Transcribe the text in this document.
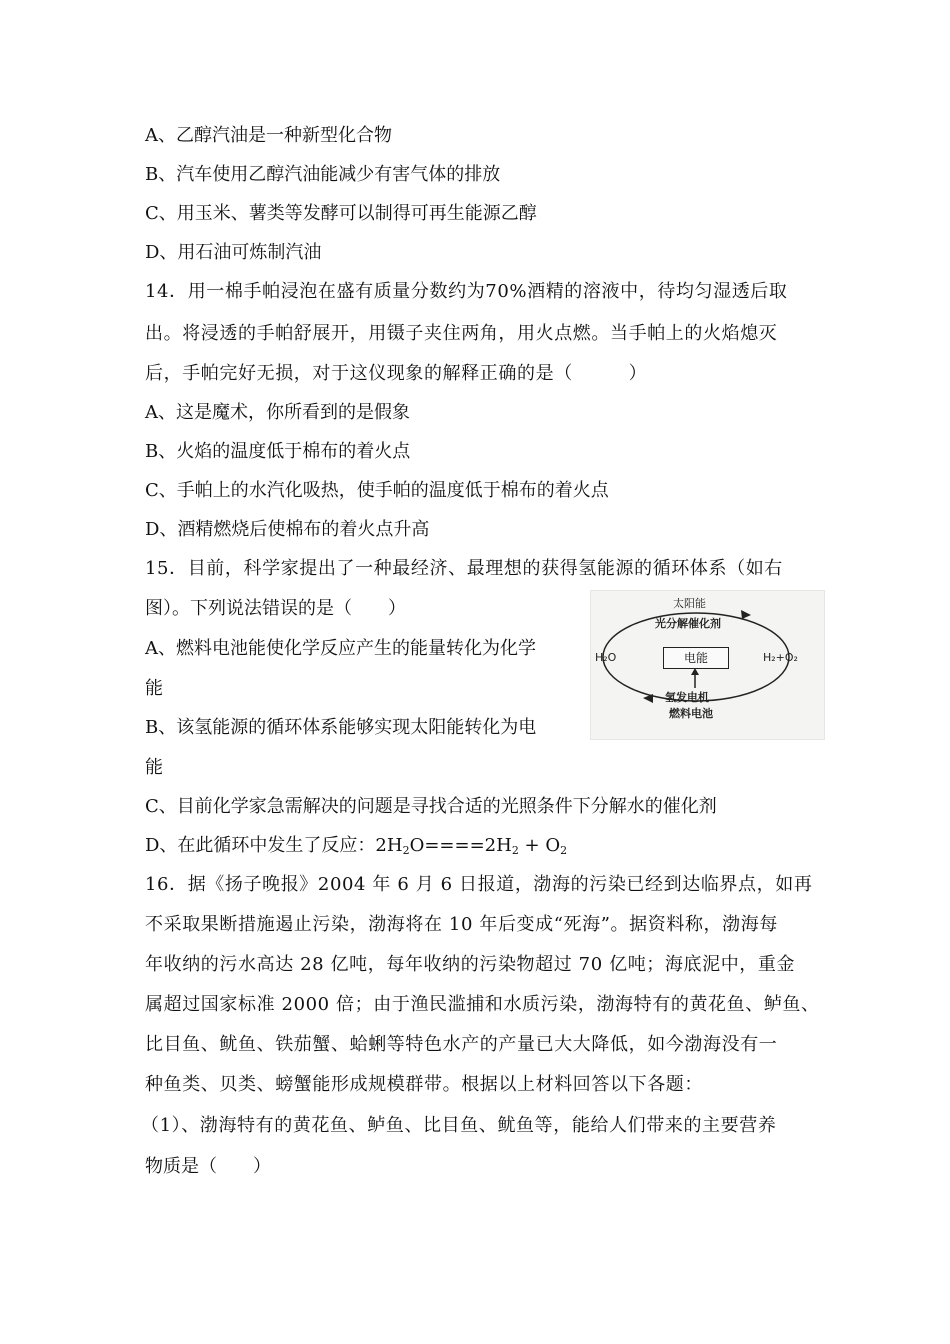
A、乙醇汽油是一种新型化合物
B、汽车使用乙醇汽油能减少有害气体的排放
C、用玉米、薯类等发酵可以制得可再生能源乙醇
D、用石油可炼制汽油
14．用一棉手帕浸泡在盛有质量分数约为70%酒精的溶液中，待均匀湿透后取
出。将浸透的手帕舒展开，用镊子夹住两角，用火点燃。当手帕上的火焰熄灭
后，手帕完好无损，对于这仪现象的解释正确的是（　　　）
A、这是魔术，你所看到的是假象
B、火焰的温度低于棉布的着火点
C、手帕上的水汽化吸热，使手帕的温度低于棉布的着火点
D、酒精燃烧后使棉布的着火点升高
15．目前，科学家提出了一种最经济、最理想的获得氢能源的循环体系（如右
图）。下列说法错误的是（　　）
A、燃料电池能使化学反应产生的能量转化为化学
能
B、该氢能源的循环体系能够实现太阳能转化为电
能
C、目前化学家急需解决的问题是寻找合适的光照条件下分解水的催化剂
D、在此循环中发生了反应：$2H_2O====2H_2 + O_2$
太阳能
光分解催化剂
H₂O	电能	H₂+O₂
氢发电机
燃料电池
16．据《扬子晚报》2004 年 6 月 6 日报道，渤海的污染已经到达临界点，如再
不采取果断措施遏止污染，渤海将在 10 年后变成“死海”。据资料称，渤海每
年收纳的污水高达 28 亿吨，每年收纳的污染物超过 70 亿吨；海底泥中，重金
属超过国家标准 2000 倍；由于渔民滥捕和水质污染，渤海特有的黄花鱼、鲈鱼、
比目鱼、鱿鱼、铁茄蟹、蛤蜊等特色水产的产量已大大降低，如今渤海没有一
种鱼类、贝类、螃蟹能形成规模群带。根据以上材料回答以下各题：
（1）、渤海特有的黄花鱼、鲈鱼、比目鱼、鱿鱼等，能给人们带来的主要营养
物质是（　　）
